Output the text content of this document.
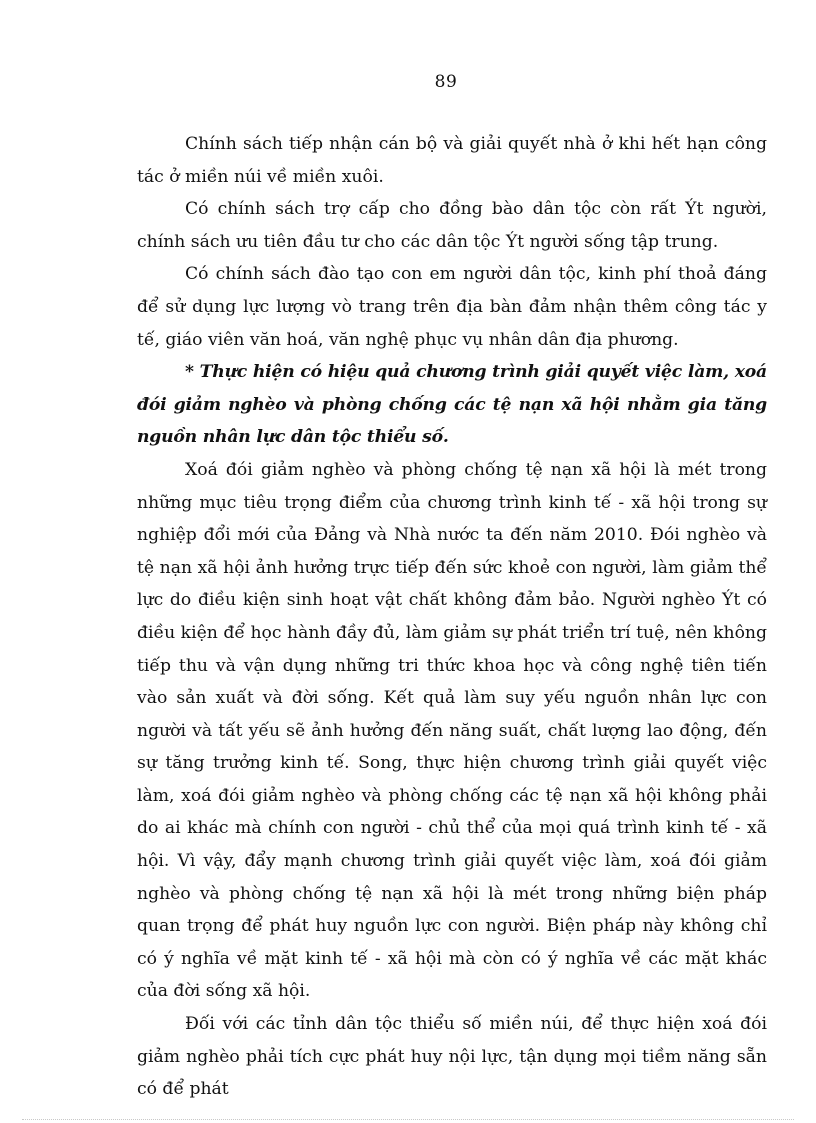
89

Chính sách tiếp nhận cán bộ và giải quyết nhà ở khi hết hạn công tác ở miền núi về miền xuôi.

Có chính sách trợ cấp cho đồng bào dân tộc còn rất Ýt người, chính sách ưu tiên đầu tư cho các dân tộc Ýt người sống tập trung.

Có chính sách đào tạo con em người dân tộc, kinh phí thoả đáng để sử dụng lực lượng vò trang trên địa bàn đảm nhận thêm công tác y tế, giáo viên văn hoá, văn nghệ phục vụ nhân dân địa phương.

* Thực hiện có hiệu quả chương trình giải quyết việc làm, xoá đói giảm nghèo và phòng chống các tệ nạn xã hội nhằm gia tăng nguồn nhân lực dân tộc thiểu số.

Xoá đói giảm nghèo và phòng chống tệ nạn xã hội là mét trong những mục tiêu trọng điểm của chương trình kinh tế - xã hội trong sự nghiệp đổi mới của Đảng và Nhà nước ta đến năm 2010. Đói nghèo và tệ nạn xã hội ảnh hưởng trực tiếp đến sức khoẻ con người, làm giảm thể lực do điều kiện sinh hoạt vật chất không đảm bảo. Người nghèo Ýt có điều kiện để học hành đầy đủ, làm giảm sự phát triển trí tuệ, nên không tiếp thu và vận dụng những tri thức khoa học và công nghệ tiên tiến vào sản xuất và đời sống. Kết quả làm suy yếu nguồn nhân lực con người và tất yếu sẽ ảnh hưởng đến năng suất, chất lượng lao động, đến sự tăng trưởng kinh tế. Song, thực hiện chương trình giải quyết việc làm, xoá đói giảm nghèo và phòng chống các tệ nạn xã hội không phải do ai khác mà chính con người - chủ thể của mọi quá trình kinh tế - xã hội. Vì vậy, đẩy mạnh chương trình giải quyết việc làm, xoá đói giảm nghèo và phòng chống tệ nạn xã hội là mét trong những biện pháp quan trọng để phát huy nguồn lực con người. Biện pháp này không chỉ có ý nghĩa về mặt kinh tế - xã hội mà còn có ý nghĩa về các mặt khác của đời sống xã hội.

Đối với các tỉnh dân tộc thiểu số miền núi, để thực hiện xoá đói giảm nghèo phải tích cực phát huy nội lực, tận dụng mọi tiềm năng sẵn có để phát
